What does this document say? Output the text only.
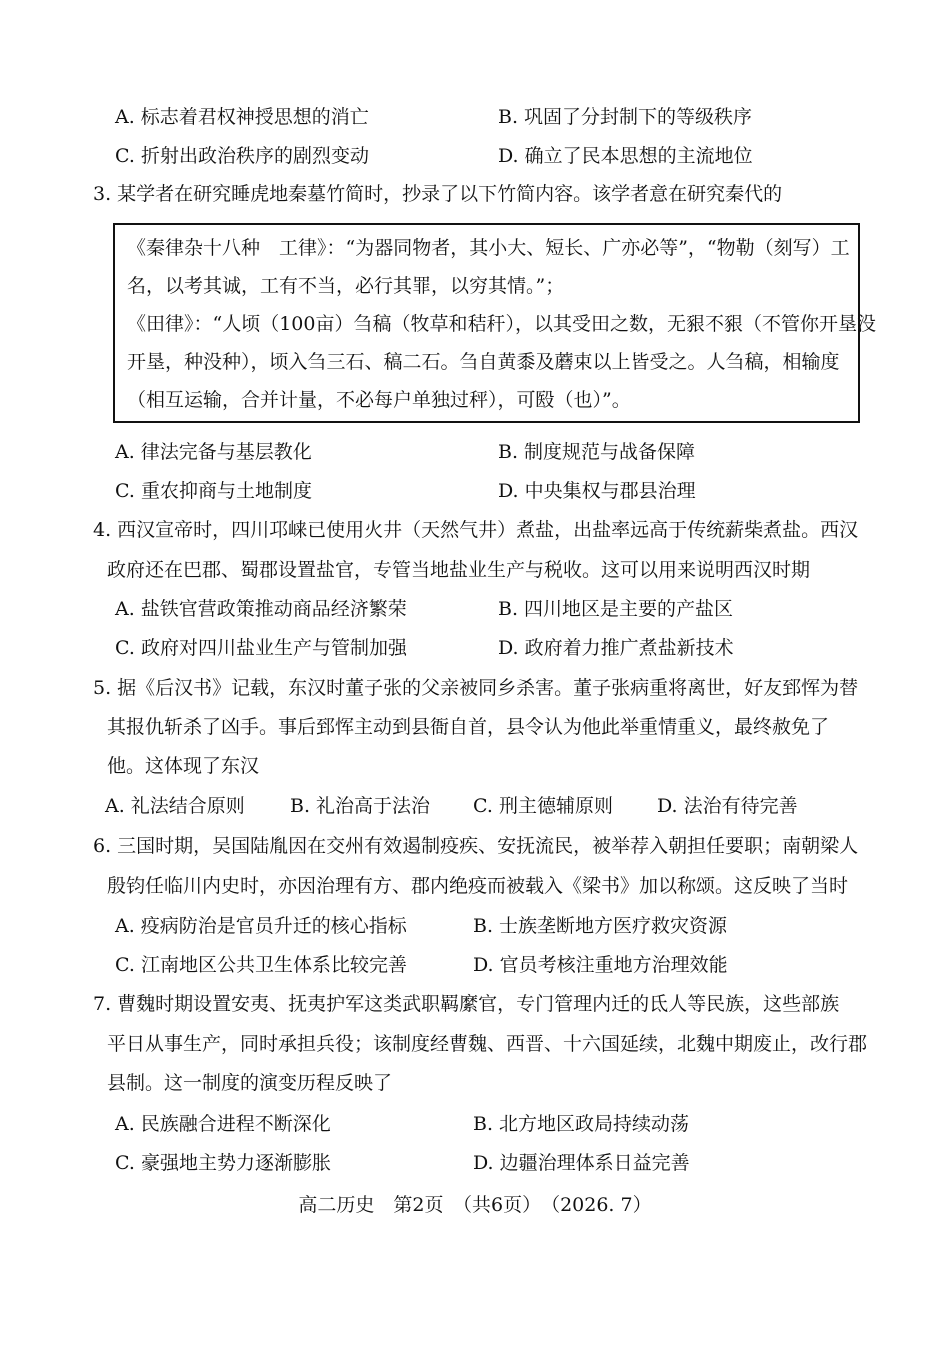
A. 标志着君权神授思想的消亡	B. 巩固了分封制下的等级秩序
C. 折射出政治秩序的剧烈变动	D. 确立了民本思想的主流地位
3. 某学者在研究睡虎地秦墓竹简时，抄录了以下竹简内容。该学者意在研究秦代的
《秦律杂十八种　工律》：“为器同物者，其小大、短长、广亦必等”，“物勒（刻写）工
名，以考其诚，工有不当，必行其罪，以穷其情。”；
《田律》：“人顷（100亩）刍稿（牧草和秸秆），以其受田之数，无豤不豤（不管你开垦没
开垦，种没种），顷入刍三石、稿二石。刍自黄黍及蘑束以上皆受之。人刍稿，相输度
（相互运输，合并计量，不必每户单独过秤），可殹（也）”。
A. 律法完备与基层教化	B. 制度规范与战备保障
C. 重农抑商与土地制度	D. 中央集权与郡县治理
4. 西汉宣帝时，四川邛崃已使用火井（天然气井）煮盐，出盐率远高于传统薪柴煮盐。西汉
政府还在巴郡、蜀郡设置盐官，专管当地盐业生产与税收。这可以用来说明西汉时期
A. 盐铁官营政策推动商品经济繁荣	B. 四川地区是主要的产盐区
C. 政府对四川盐业生产与管制加强	D. 政府着力推广煮盐新技术
5. 据《后汉书》记载，东汉时董子张的父亲被同乡杀害。董子张病重将离世，好友郅恽为替
其报仇斩杀了凶手。事后郅恽主动到县衙自首，县令认为他此举重情重义，最终赦免了
他。这体现了东汉
A. 礼法结合原则 B. 礼治高于法治 C. 刑主德辅原则 D. 法治有待完善
6. 三国时期，吴国陆胤因在交州有效遏制疫疾、安抚流民，被举荐入朝担任要职；南朝梁人
殷钧任临川内史时，亦因治理有方、郡内绝疫而被载入《梁书》加以称颂。这反映了当时
A. 疫病防治是官员升迁的核心指标	B. 士族垄断地方医疗救灾资源
C. 江南地区公共卫生体系比较完善	D. 官员考核注重地方治理效能
7. 曹魏时期设置安夷、抚夷护军这类武职羁縻官，专门管理内迁的氐人等民族，这些部族
平日从事生产，同时承担兵役；该制度经曹魏、西晋、十六国延续，北魏中期废止，改行郡
县制。这一制度的演变历程反映了
A. 民族融合进程不断深化	B. 北方地区政局持续动荡
C. 豪强地主势力逐渐膨胀	D. 边疆治理体系日益完善
高二历史　第2页　（共6页）　（2026. 7）
